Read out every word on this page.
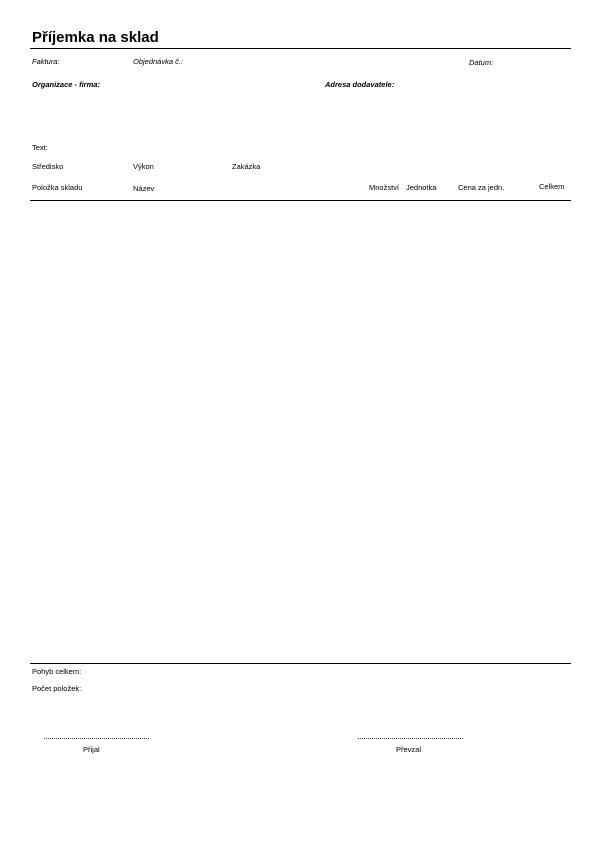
Příjemka na sklad
Faktura:	Objednávka č.:	Datum:
Organizace - firma:	Adresa dodavatele:
Text:
Středisko	Výkon	Zakázka
Položka skladu	Název	Množství Jednotka	Cena za jedn.	Celkem
Pohyb celkem:
Počet položek:
Přijal	Převzal
